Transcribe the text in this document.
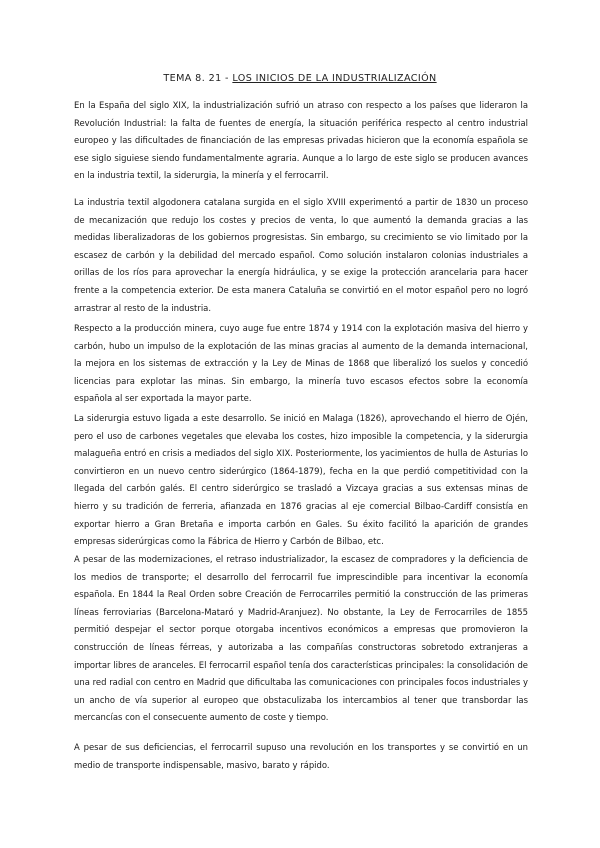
TEMA 8. 21 - LOS INICIOS DE LA INDUSTRIALIZACIÓN

En la España del siglo XIX, la industrialización sufrió un atraso con respecto a los países que lideraron la Revolución Industrial: la falta de fuentes de energía, la situación periférica respecto al centro industrial europeo y las dificultades de financiación de las empresas privadas hicieron que la economía española se ese siglo siguiese siendo fundamentalmente agraria. Aunque a lo largo de este siglo se producen avances en la industria textil, la siderurgia, la minería y el ferrocarril.

La industria textil algodonera catalana surgida en el siglo XVIII experimentó a partir de 1830 un proceso de mecanización que redujo los costes y precios de venta, lo que aumentó la demanda gracias a las medidas liberalizadoras de los gobiernos progresistas. Sin embargo, su crecimiento se vio limitado por la escasez de carbón y la debilidad del mercado español. Como solución instalaron colonias industriales a orillas de los ríos para aprovechar la energía hidráulica, y se exige la protección arancelaria para hacer frente a la competencia exterior. De esta manera Cataluña se convirtió en el motor español pero no logró arrastrar al resto de la industria.

Respecto a la producción minera, cuyo auge fue entre 1874 y 1914 con la explotación masiva del hierro y carbón, hubo un impulso de la explotación de las minas gracias al aumento de la demanda internacional, la mejora en los sistemas de extracción y la Ley de Minas de 1868 que liberalizó los suelos y concedió licencias para explotar las minas. Sin embargo, la minería tuvo escasos efectos sobre la economía española al ser exportada la mayor parte.

La siderurgia estuvo ligada a este desarrollo. Se inició en Malaga (1826), aprovechando el hierro de Ojén, pero el uso de carbones vegetales que elevaba los costes, hizo imposible la competencia, y la siderurgia malagueña entró en crisis a mediados del siglo XIX. Posteriormente, los yacimientos de hulla de Asturias lo convirtieron en un nuevo centro siderúrgico (1864-1879), fecha en la que perdió competitividad con la llegada del carbón galés. El centro siderúrgico se trasladó a Vizcaya gracias a sus extensas minas de hierro y su tradición de ferreria, afianzada en 1876 gracias al eje comercial Bilbao-Cardiff consistía en exportar hierro a Gran Bretaña e importa carbón en Gales. Su éxito facilitó la aparición de grandes empresas siderúrgicas como la Fábrica de Hierro y Carbón de Bilbao, etc.

A pesar de las modernizaciones, el retraso industrializador, la escasez de compradores y la deficiencia de los medios de transporte; el desarrollo del ferrocarril fue imprescindible para incentivar la economía española. En 1844 la Real Orden sobre Creación de Ferrocarriles permitió la construcción de las primeras líneas ferroviarias (Barcelona-Mataró y Madrid-Aranjuez). No obstante, la Ley de Ferrocarriles de 1855 permitió despejar el sector porque otorgaba incentivos económicos a empresas que promovieron la construcción de líneas férreas, y autorizaba a las compañías constructoras sobretodo extranjeras a importar libres de aranceles. El ferrocarril español tenía dos características principales: la consolidación de una red radial con centro en Madrid que dificultaba las comunicaciones con principales focos industriales y un ancho de vía superior al europeo que obstaculizaba los intercambios al tener que transbordar las mercancías con el consecuente aumento de coste y tiempo.

A pesar de sus deficiencias, el ferrocarril supuso una revolución en los transportes y se convirtió en un medio de transporte indispensable, masivo, barato y rápido.
